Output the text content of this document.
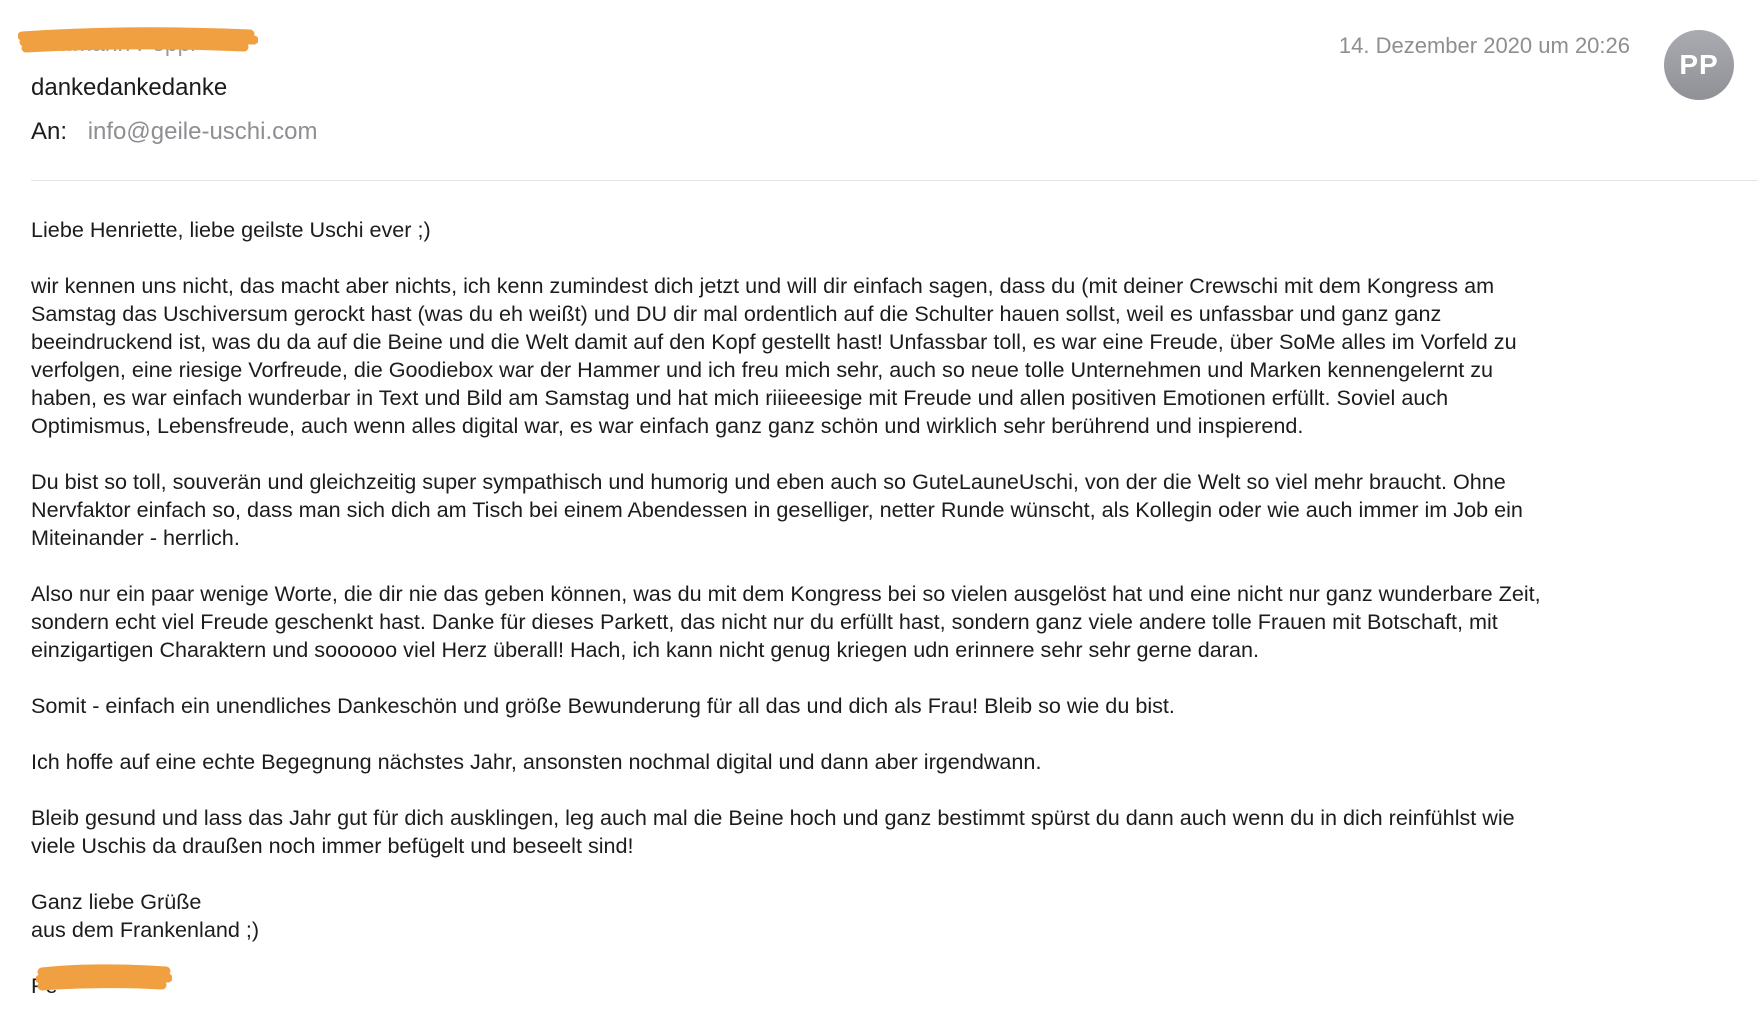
Hoffmann Peppi
dankedankedanke
An: info@geile-uschi.com
14. Dezember 2020 um 20:26
PP

Liebe Henriette, liebe geilste Uschi ever ;)

wir kennen uns nicht, das macht aber nichts, ich kenn zumindest dich jetzt und will dir einfach sagen, dass du (mit deiner Crewschi mit dem Kongress am
Samstag das Uschiversum gerockt hast (was du eh weißt) und DU dir mal ordentlich auf die Schulter hauen sollst, weil es unfassbar und ganz ganz
beeindruckend ist, was du da auf die Beine und die Welt damit auf den Kopf gestellt hast! Unfassbar toll, es war eine Freude, über SoMe alles im Vorfeld zu
verfolgen, eine riesige Vorfreude, die Goodiebox war der Hammer und ich freu mich sehr, auch so neue tolle Unternehmen und Marken kennengelernt zu
haben, es war einfach wunderbar in Text und Bild am Samstag und hat mich riiieeesige mit Freude und allen positiven Emotionen erfüllt. Soviel auch
Optimismus, Lebensfreude, auch wenn alles digital war, es war einfach ganz ganz schön und wirklich sehr berührend und inspierend.

Du bist so toll, souverän und gleichzeitig super sympathisch und humorig und eben auch so GuteLauneUschi, von der die Welt so viel mehr braucht. Ohne
Nervfaktor einfach so, dass man sich dich am Tisch bei einem Abendessen in geselliger, netter Runde wünscht, als Kollegin oder wie auch immer im Job ein
Miteinander - herrlich.

Also nur ein paar wenige Worte, die dir nie das geben können, was du mit dem Kongress bei so vielen ausgelöst hat und eine nicht nur ganz wunderbare Zeit,
sondern echt viel Freude geschenkt hast. Danke für dieses Parkett, das nicht nur du erfüllt hast, sondern ganz viele andere tolle Frauen mit Botschaft, mit
einzigartigen Charaktern und soooooo viel Herz überall! Hach, ich kann nicht genug kriegen udn erinnere sehr sehr gerne daran.

Somit - einfach ein unendliches Dankeschön und größe Bewunderung für all das und dich als Frau! Bleib so wie du bist.

Ich hoffe auf eine echte Begegnung nächstes Jahr, ansonsten nochmal digital und dann aber irgendwann.

Bleib gesund und lass das Jahr gut für dich ausklingen, leg auch mal die Beine hoch und ganz bestimmt spürst du dann auch wenn du in dich reinfühlst wie
viele Uschis da draußen noch immer befügelt und beseelt sind!

Ganz liebe Grüße
aus dem Frankenland ;)

Pe
